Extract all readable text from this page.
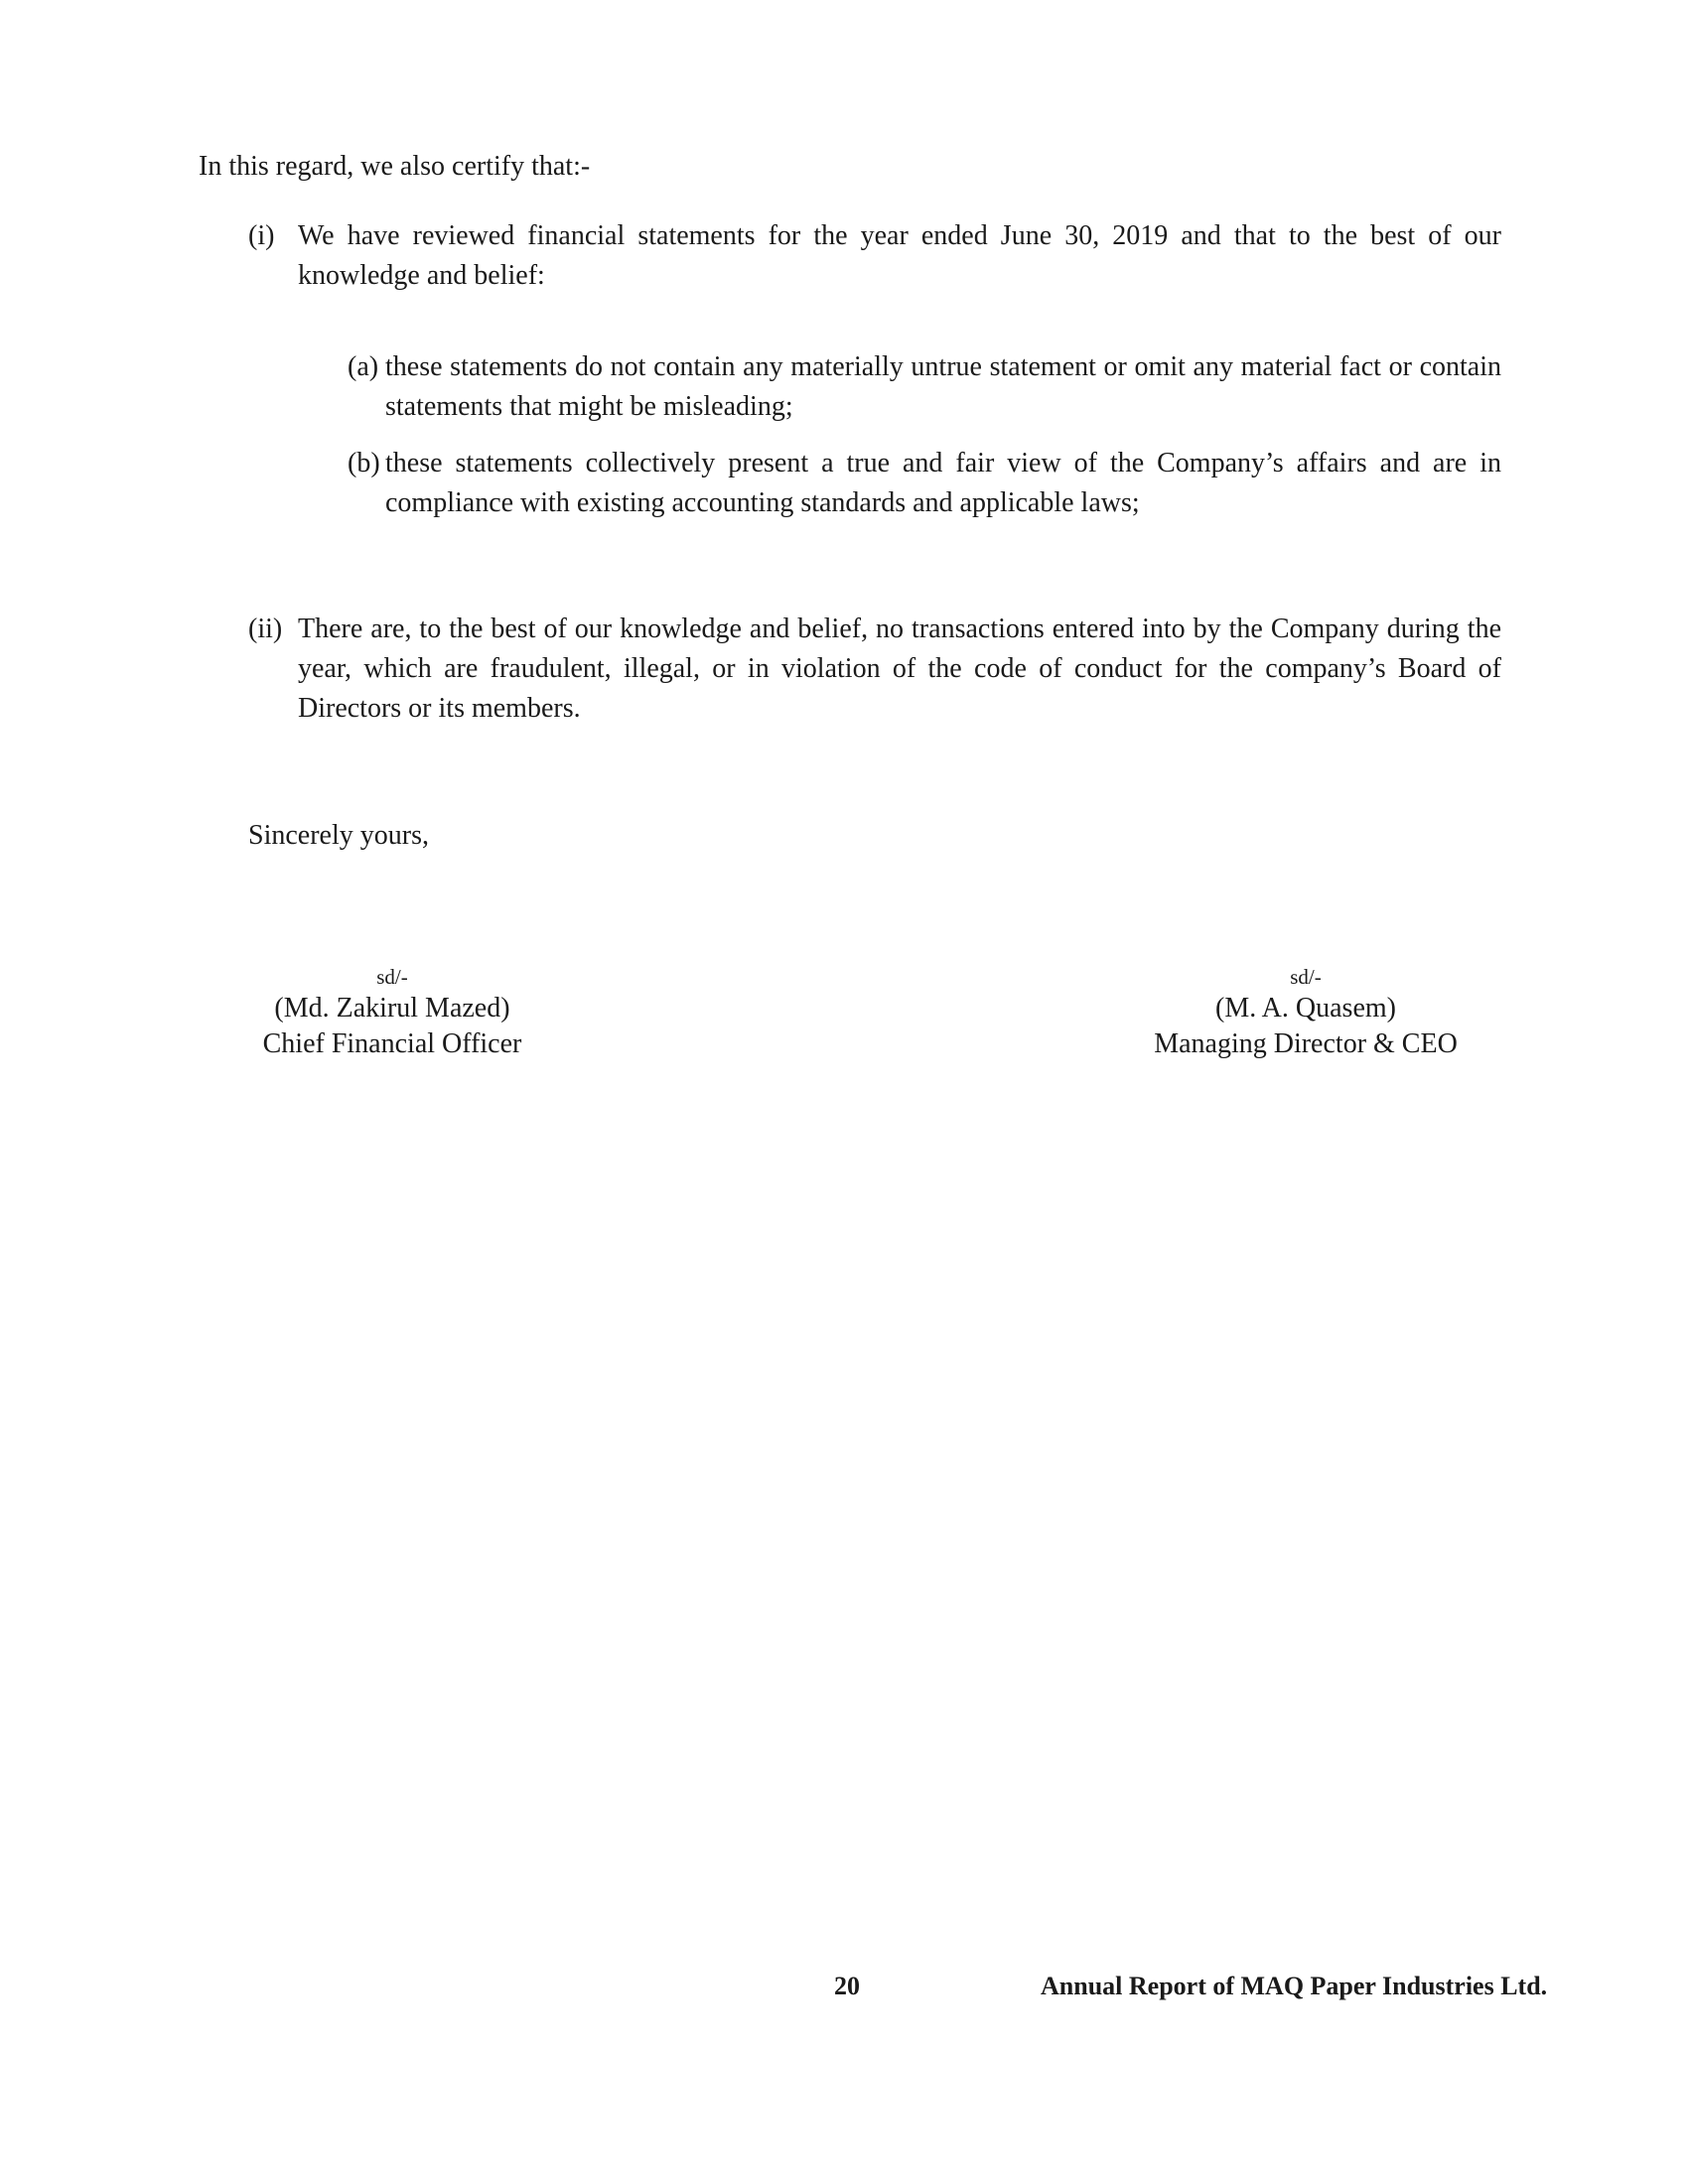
In this regard, we also certify that:-
(i) We have reviewed financial statements for the year ended June 30, 2019 and that to the best of our knowledge and belief:
(a) these statements do not contain any materially untrue statement or omit any material fact or contain statements that might be misleading;
(b) these statements collectively present a true and fair view of the Company’s affairs and are in compliance with existing accounting standards and applicable laws;
(ii) There are, to the best of our knowledge and belief, no transactions entered into by the Company during the year, which are fraudulent, illegal, or in violation of the code of conduct for the company’s Board of Directors or its members.
Sincerely yours,
sd/-
(Md. Zakirul Mazed)
Chief Financial Officer
sd/-
(M. A. Quasem)
Managing Director & CEO
20	Annual Report of MAQ Paper Industries Ltd.
